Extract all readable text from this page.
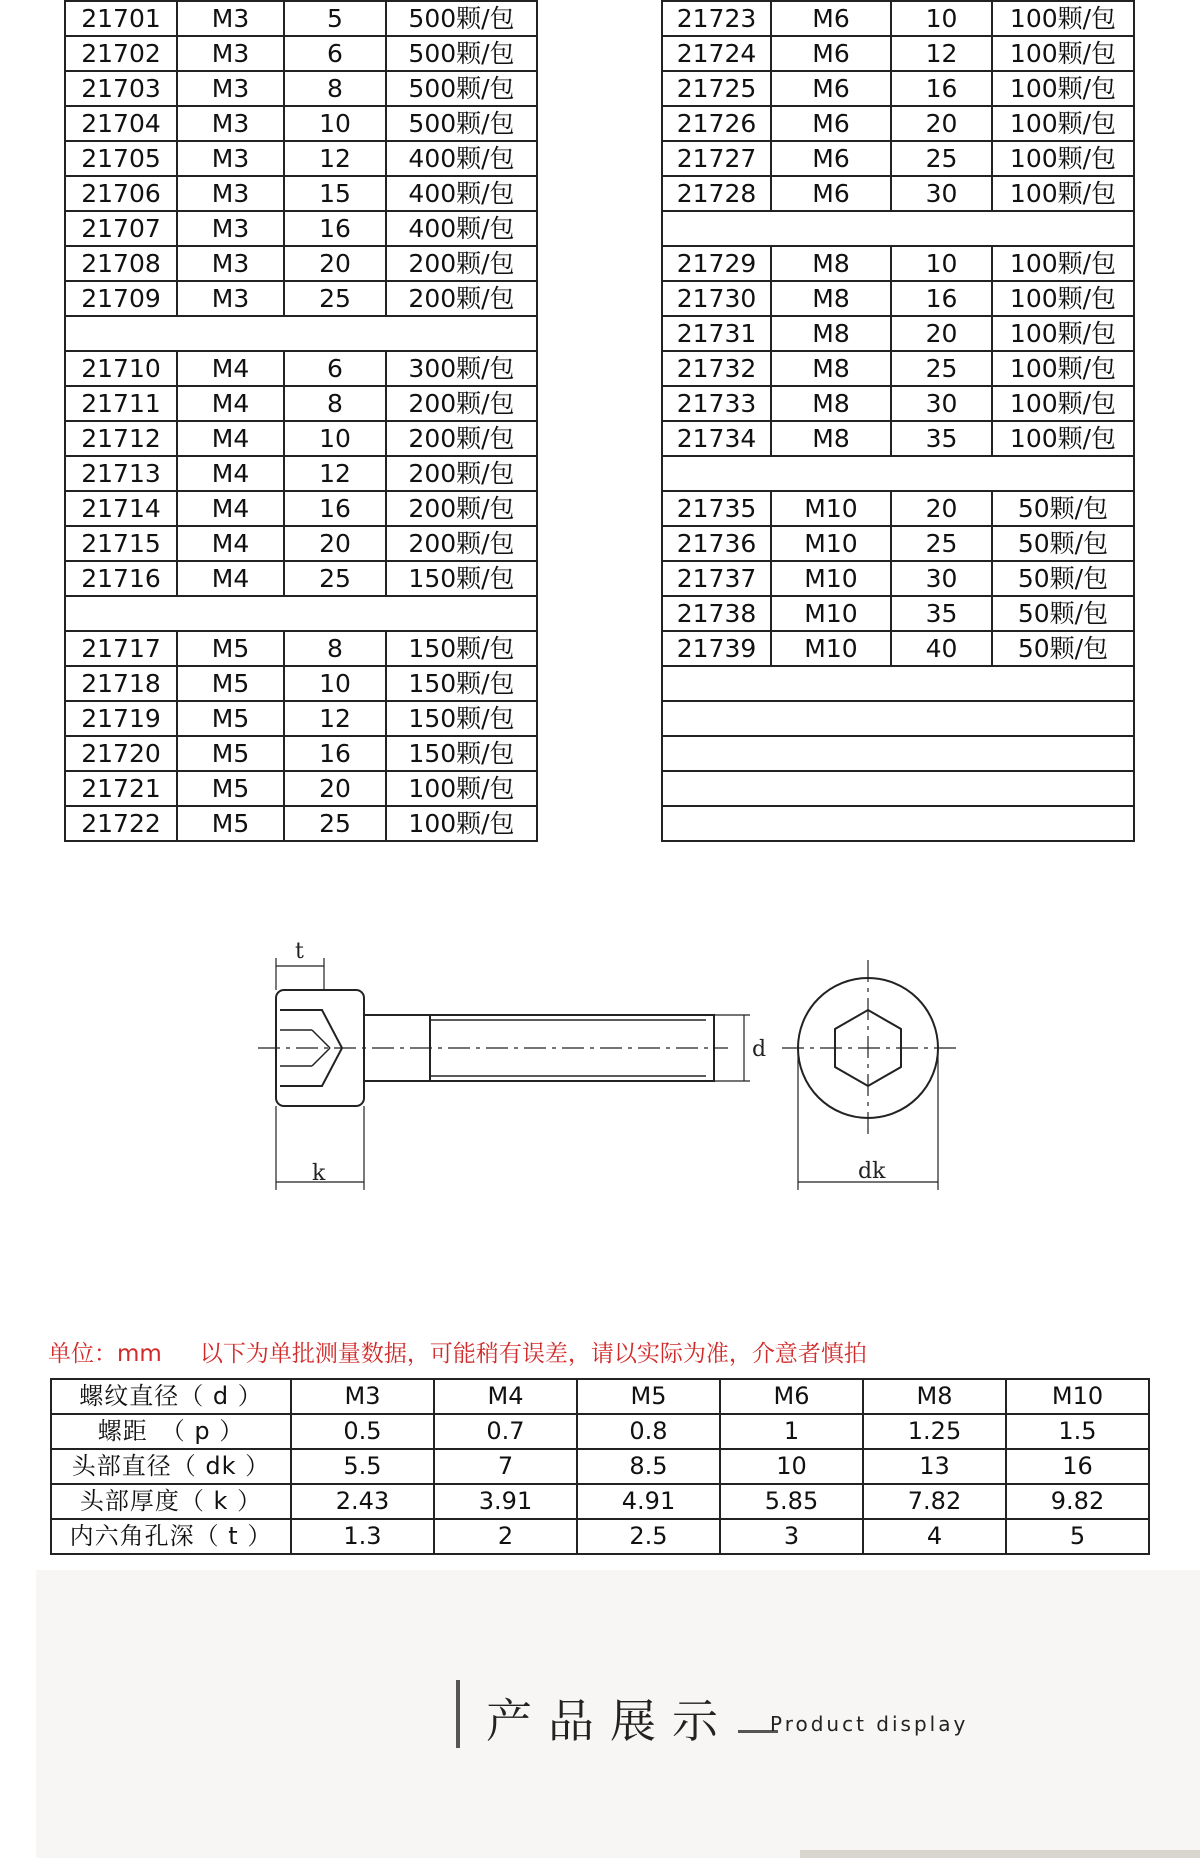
21701	M3	5	500颗/包
21702	M3	6	500颗/包
21703	M3	8	500颗/包
21704	M3	10	500颗/包
21705	M3	12	400颗/包
21706	M3	15	400颗/包
21707	M3	16	400颗/包
21708	M3	20	200颗/包
21709	M3	25	200颗/包

21710	M4	6	300颗/包
21711	M4	8	200颗/包
21712	M4	10	200颗/包
21713	M4	12	200颗/包
21714	M4	16	200颗/包
21715	M4	20	200颗/包
21716	M4	25	150颗/包

21717	M5	8	150颗/包
21718	M5	10	150颗/包
21719	M5	12	150颗/包
21720	M5	16	150颗/包
21721	M5	20	100颗/包
21722	M5	25	100颗/包
21723	M6	10	100颗/包
21724	M6	12	100颗/包
21725	M6	16	100颗/包
21726	M6	20	100颗/包
21727	M6	25	100颗/包
21728	M6	30	100颗/包

21729	M8	10	100颗/包
21730	M8	16	100颗/包
21731	M8	20	100颗/包
21732	M8	25	100颗/包
21733	M8	30	100颗/包
21734	M8	35	100颗/包

21735	M10	20	50颗/包
21736	M10	25	50颗/包
21737	M10	30	50颗/包
21738	M10	35	50颗/包
21739	M10	40	50颗/包

t
d
k	dk
单位：mm 以下为单批测量数据，可能稍有误差，请以实际为准，介意者慎拍
螺纹直径（ d ）	M3	M4	M5	M6	M8	M10
螺距　（ p ）	0.5	0.7	0.8	1	1.25	1.5
头部直径（ dk ）	5.5	7	8.5	10	13	16
头部厚度（ k ）	2.43	3.91	4.91	5.85	7.82	9.82
内六角孔深（ t ）	1.3	2	2.5	3	4	5
产品展示 Product display
